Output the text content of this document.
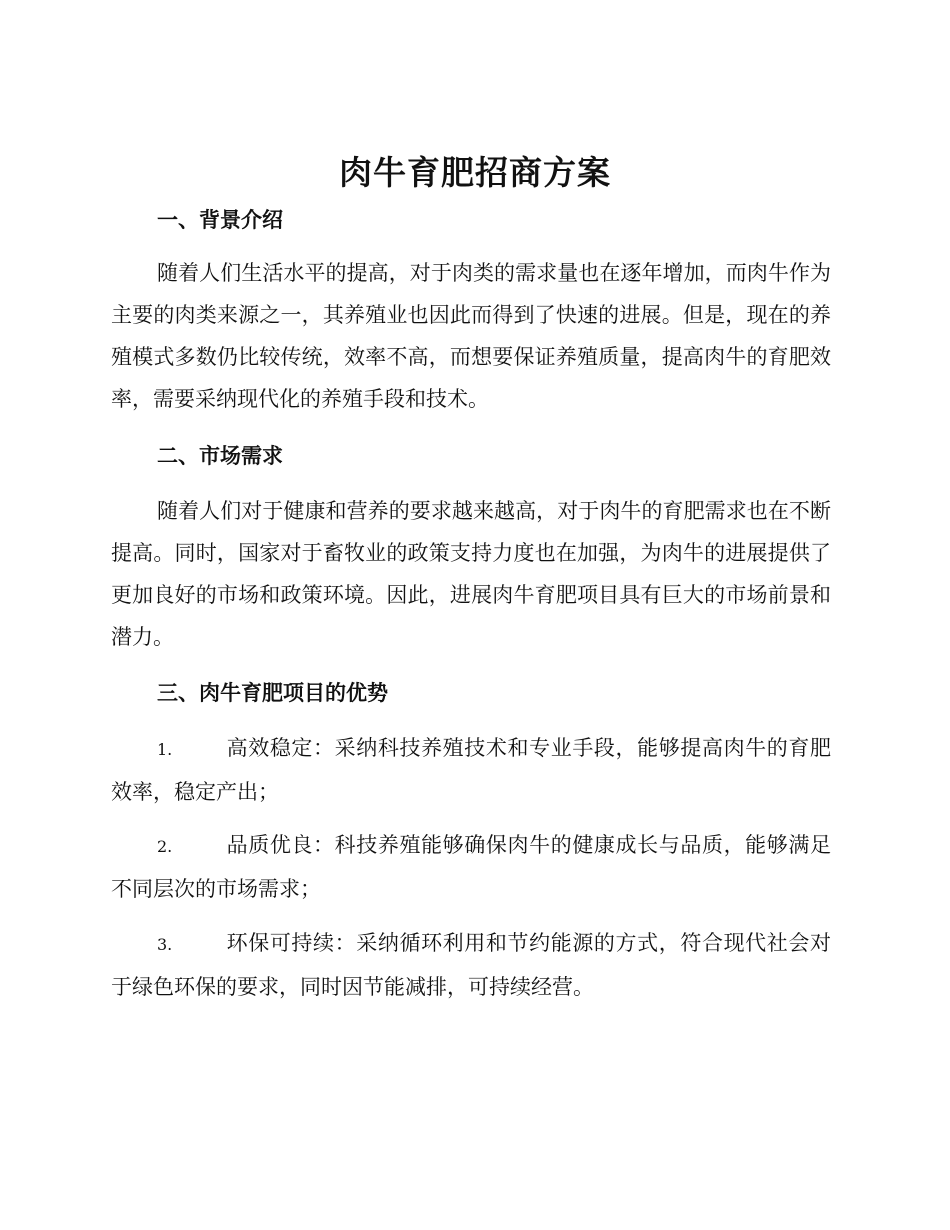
肉牛育肥招商方案
一、背景介绍

随着人们生活水平的提高，对于肉类的需求量也在逐年增加，而肉牛作为主要的肉类来源之一，其养殖业也因此而得到了快速的进展。但是，现在的养殖模式多数仍比较传统，效率不高，而想要保证养殖质量，提高肉牛的育肥效率，需要采纳现代化的养殖手段和技术。

二、市场需求

随着人们对于健康和营养的要求越来越高，对于肉牛的育肥需求也在不断提高。同时，国家对于畜牧业的政策支持力度也在加强，为肉牛的进展提供了更加良好的市场和政策环境。因此，进展肉牛育肥项目具有巨大的市场前景和潜力。

三、肉牛育肥项目的优势

1.	高效稳定：采纳科技养殖技术和专业手段，能够提高肉牛的育肥效率，稳定产出；

2.	品质优良：科技养殖能够确保肉牛的健康成长与品质，能够满足不同层次的市场需求；

3.	环保可持续：采纳循环利用和节约能源的方式，符合现代社会对于绿色环保的要求，同时因节能减排，可持续经营。
